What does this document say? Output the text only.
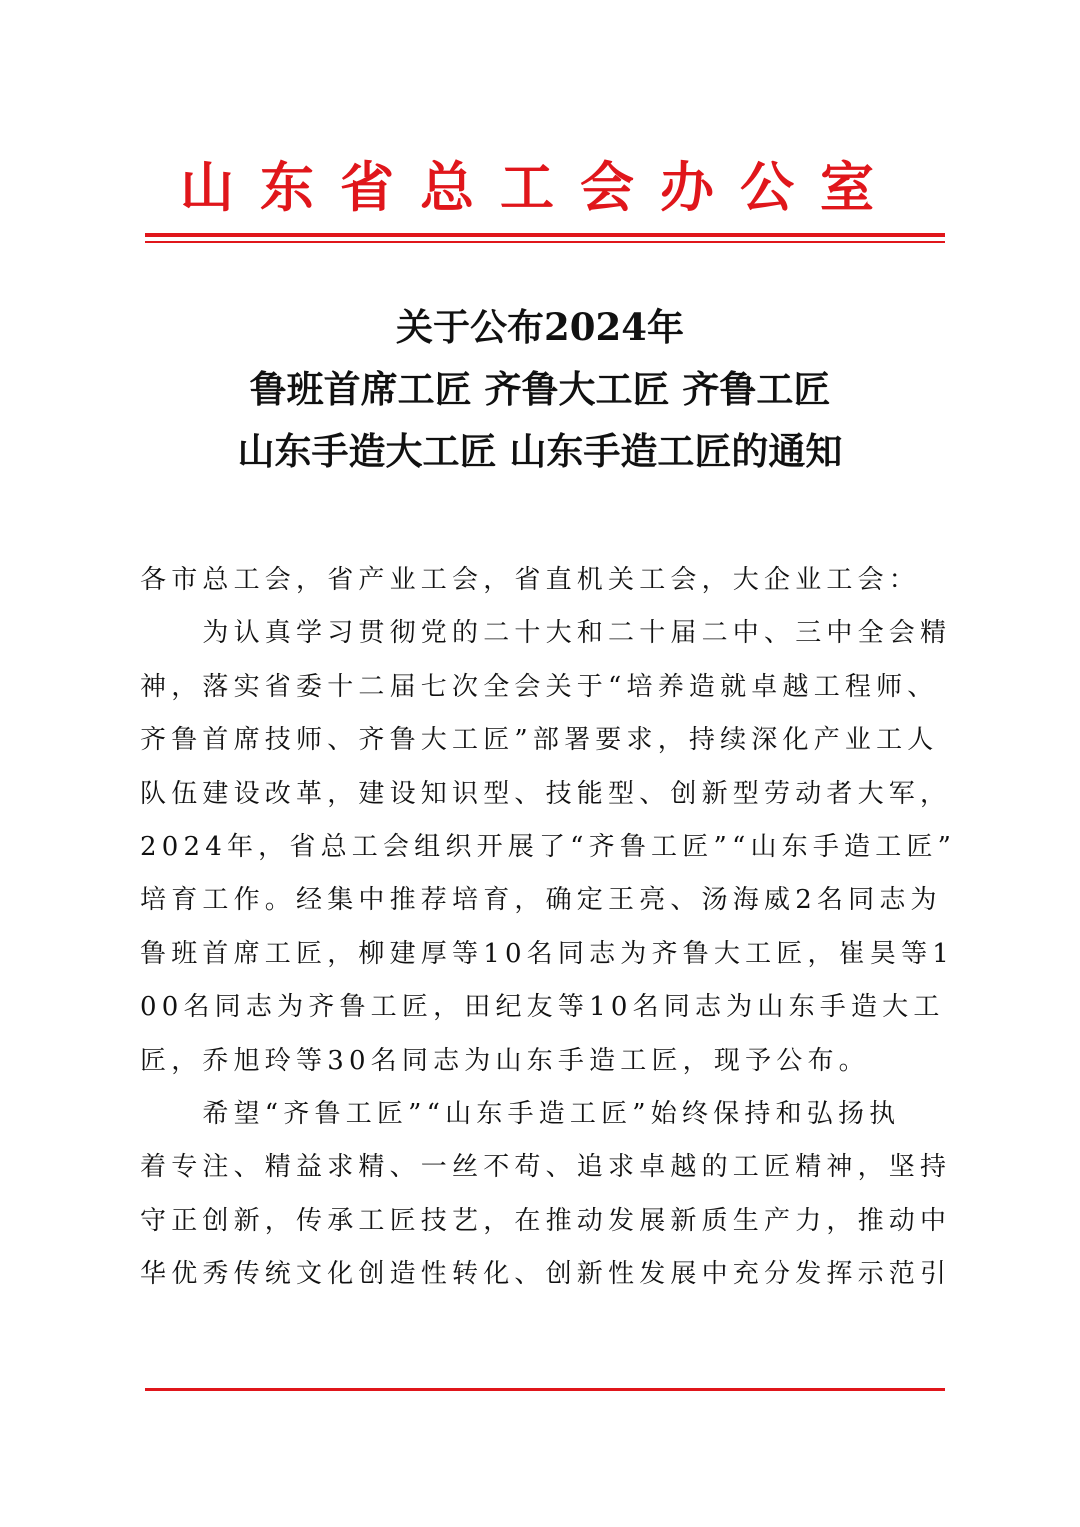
山东省总工会办公室
关于公布2024年
鲁班首席工匠 齐鲁大工匠 齐鲁工匠
山东手造大工匠 山东手造工匠的通知
各市总工会，省产业工会，省直机关工会，大企业工会：
　　为认真学习贯彻党的二十大和二十届二中、三中全会精
神，落实省委十二届七次全会关于“培养造就卓越工程师、
齐鲁首席技师、齐鲁大工匠”部署要求，持续深化产业工人
队伍建设改革，建设知识型、技能型、创新型劳动者大军，
2024年，省总工会组织开展了“齐鲁工匠”“山东手造工匠”
培育工作。经集中推荐培育，确定王亮、汤海威2名同志为
鲁班首席工匠，柳建厚等10名同志为齐鲁大工匠，崔昊等1
00名同志为齐鲁工匠，田纪友等10名同志为山东手造大工
匠，乔旭玲等30名同志为山东手造工匠，现予公布。
　　希望“齐鲁工匠”“山东手造工匠”始终保持和弘扬执
着专注、精益求精、一丝不苟、追求卓越的工匠精神，坚持
守正创新，传承工匠技艺，在推动发展新质生产力，推动中
华优秀传统文化创造性转化、创新性发展中充分发挥示范引
